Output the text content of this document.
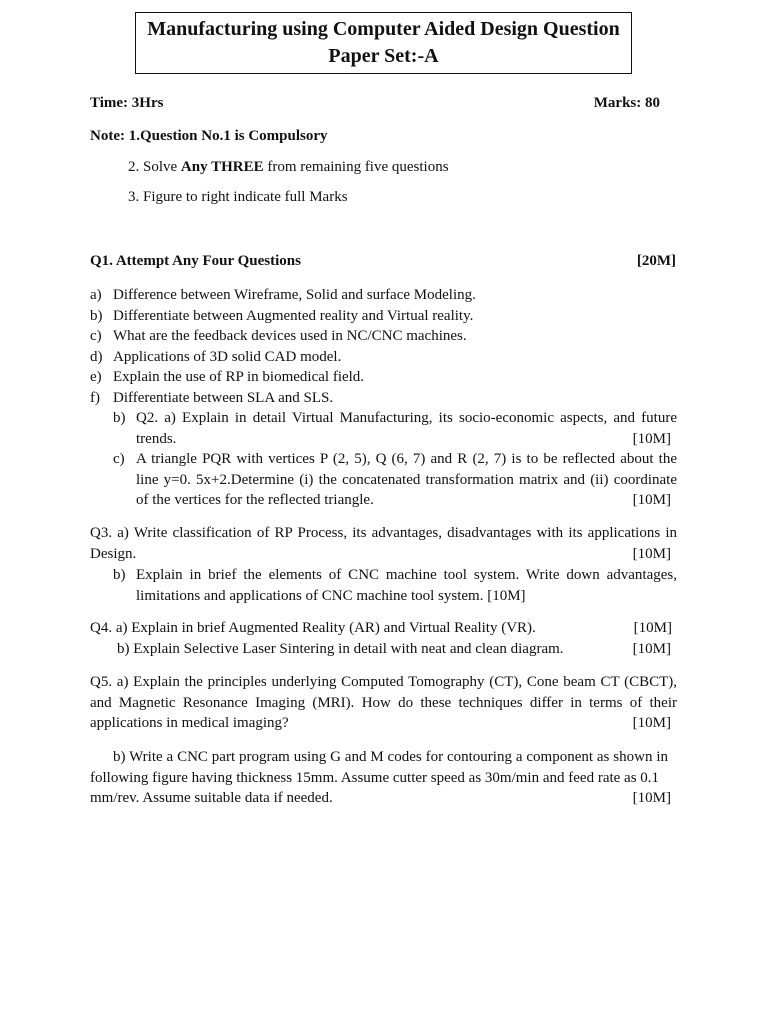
Manufacturing using Computer Aided Design Question
Paper Set:-A
Time: 3Hrs	Marks: 80
Note: 1.Question No.1 is Compulsory
2. Solve Any THREE from remaining five questions
3. Figure to right indicate full Marks
Q1. Attempt Any Four Questions	[20M]
a) Difference between Wireframe, Solid and surface Modeling.
b) Differentiate between Augmented reality and Virtual reality.
c) What are the feedback devices used in NC/CNC machines.
d) Applications of 3D solid CAD model.
e) Explain the use of RP in biomedical field.
f) Differentiate between SLA and SLS.
b) Q2. a) Explain in detail Virtual Manufacturing, its socio-economic aspects, and future
trends.	[10M]
c) A triangle PQR with vertices P (2, 5), Q (6, 7) and R (2, 7) is to be reflected about the
line y=0. 5x+2.Determine (i) the concatenated transformation matrix and (ii) coordinate
of the vertices for the reflected triangle.	[10M]
Q3. a) Write classification of RP Process, its advantages, disadvantages with its applications in
Design.	[10M]
b) Explain in brief the elements of CNC machine tool system. Write down advantages,
limitations and applications of CNC machine tool system. [10M]
Q4. a) Explain in brief Augmented Reality (AR) and Virtual Reality (VR).	[10M]
b) Explain Selective Laser Sintering in detail with neat and clean diagram.	[10M]
Q5. a) Explain the principles underlying Computed Tomography (CT), Cone beam CT (CBCT),
and Magnetic Resonance Imaging (MRI). How do these techniques differ in terms of their
applications in medical imaging?	[10M]
b) Write a CNC part program using G and M codes for contouring a component as shown in
following figure having thickness 15mm. Assume cutter speed as 30m/min and feed rate as 0.1
mm/rev. Assume suitable data if needed.	[10M]
